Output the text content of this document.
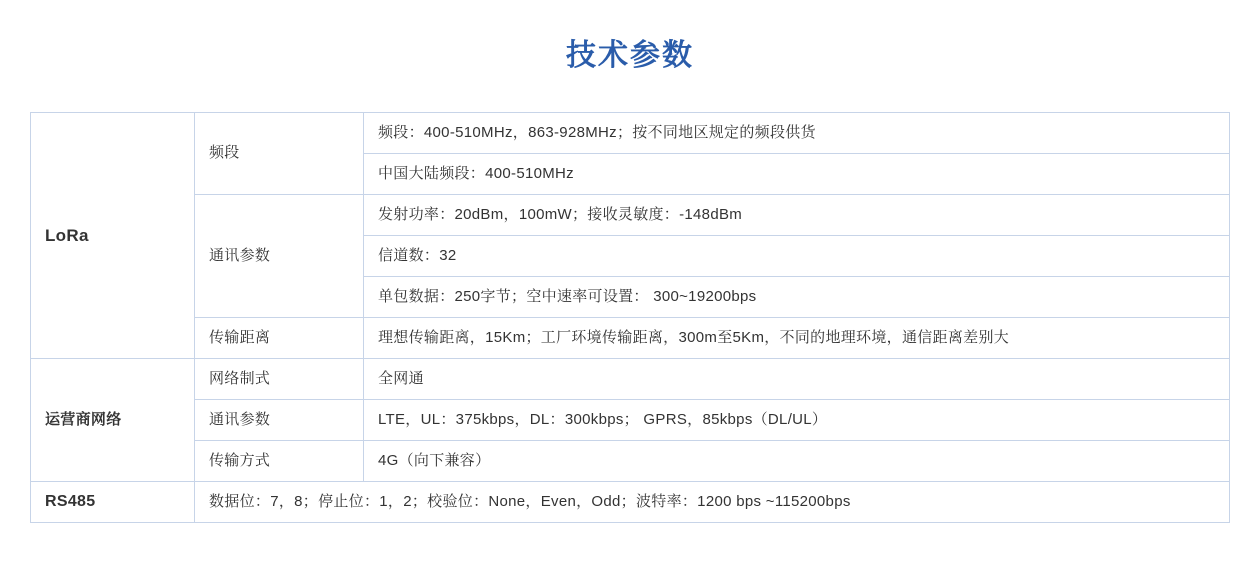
技术参数
LoRa	频段	频段：400-510MHz，863-928MHz；按不同地区规定的频段供货
		中国大陆频段：400-510MHz
	通讯参数	发射功率：20dBm，100mW；接收灵敏度：-148dBm
		信道数：32
		单包数据：250字节；空中速率可设置： 300~19200bps
	传输距离	理想传输距离，15Km；工厂环境传输距离，300m至5Km，不同的地理环境，通信距离差别大
运营商网络	网络制式	全网通
	通讯参数	LTE，UL：375kbps，DL：300kbps； GPRS，85kbps（DL/UL）
	传输方式	4G（向下兼容）
RS485	数据位：7，8；停止位：1，2；校验位：None，Even，Odd；波特率：1200 bps ~115200bps	
